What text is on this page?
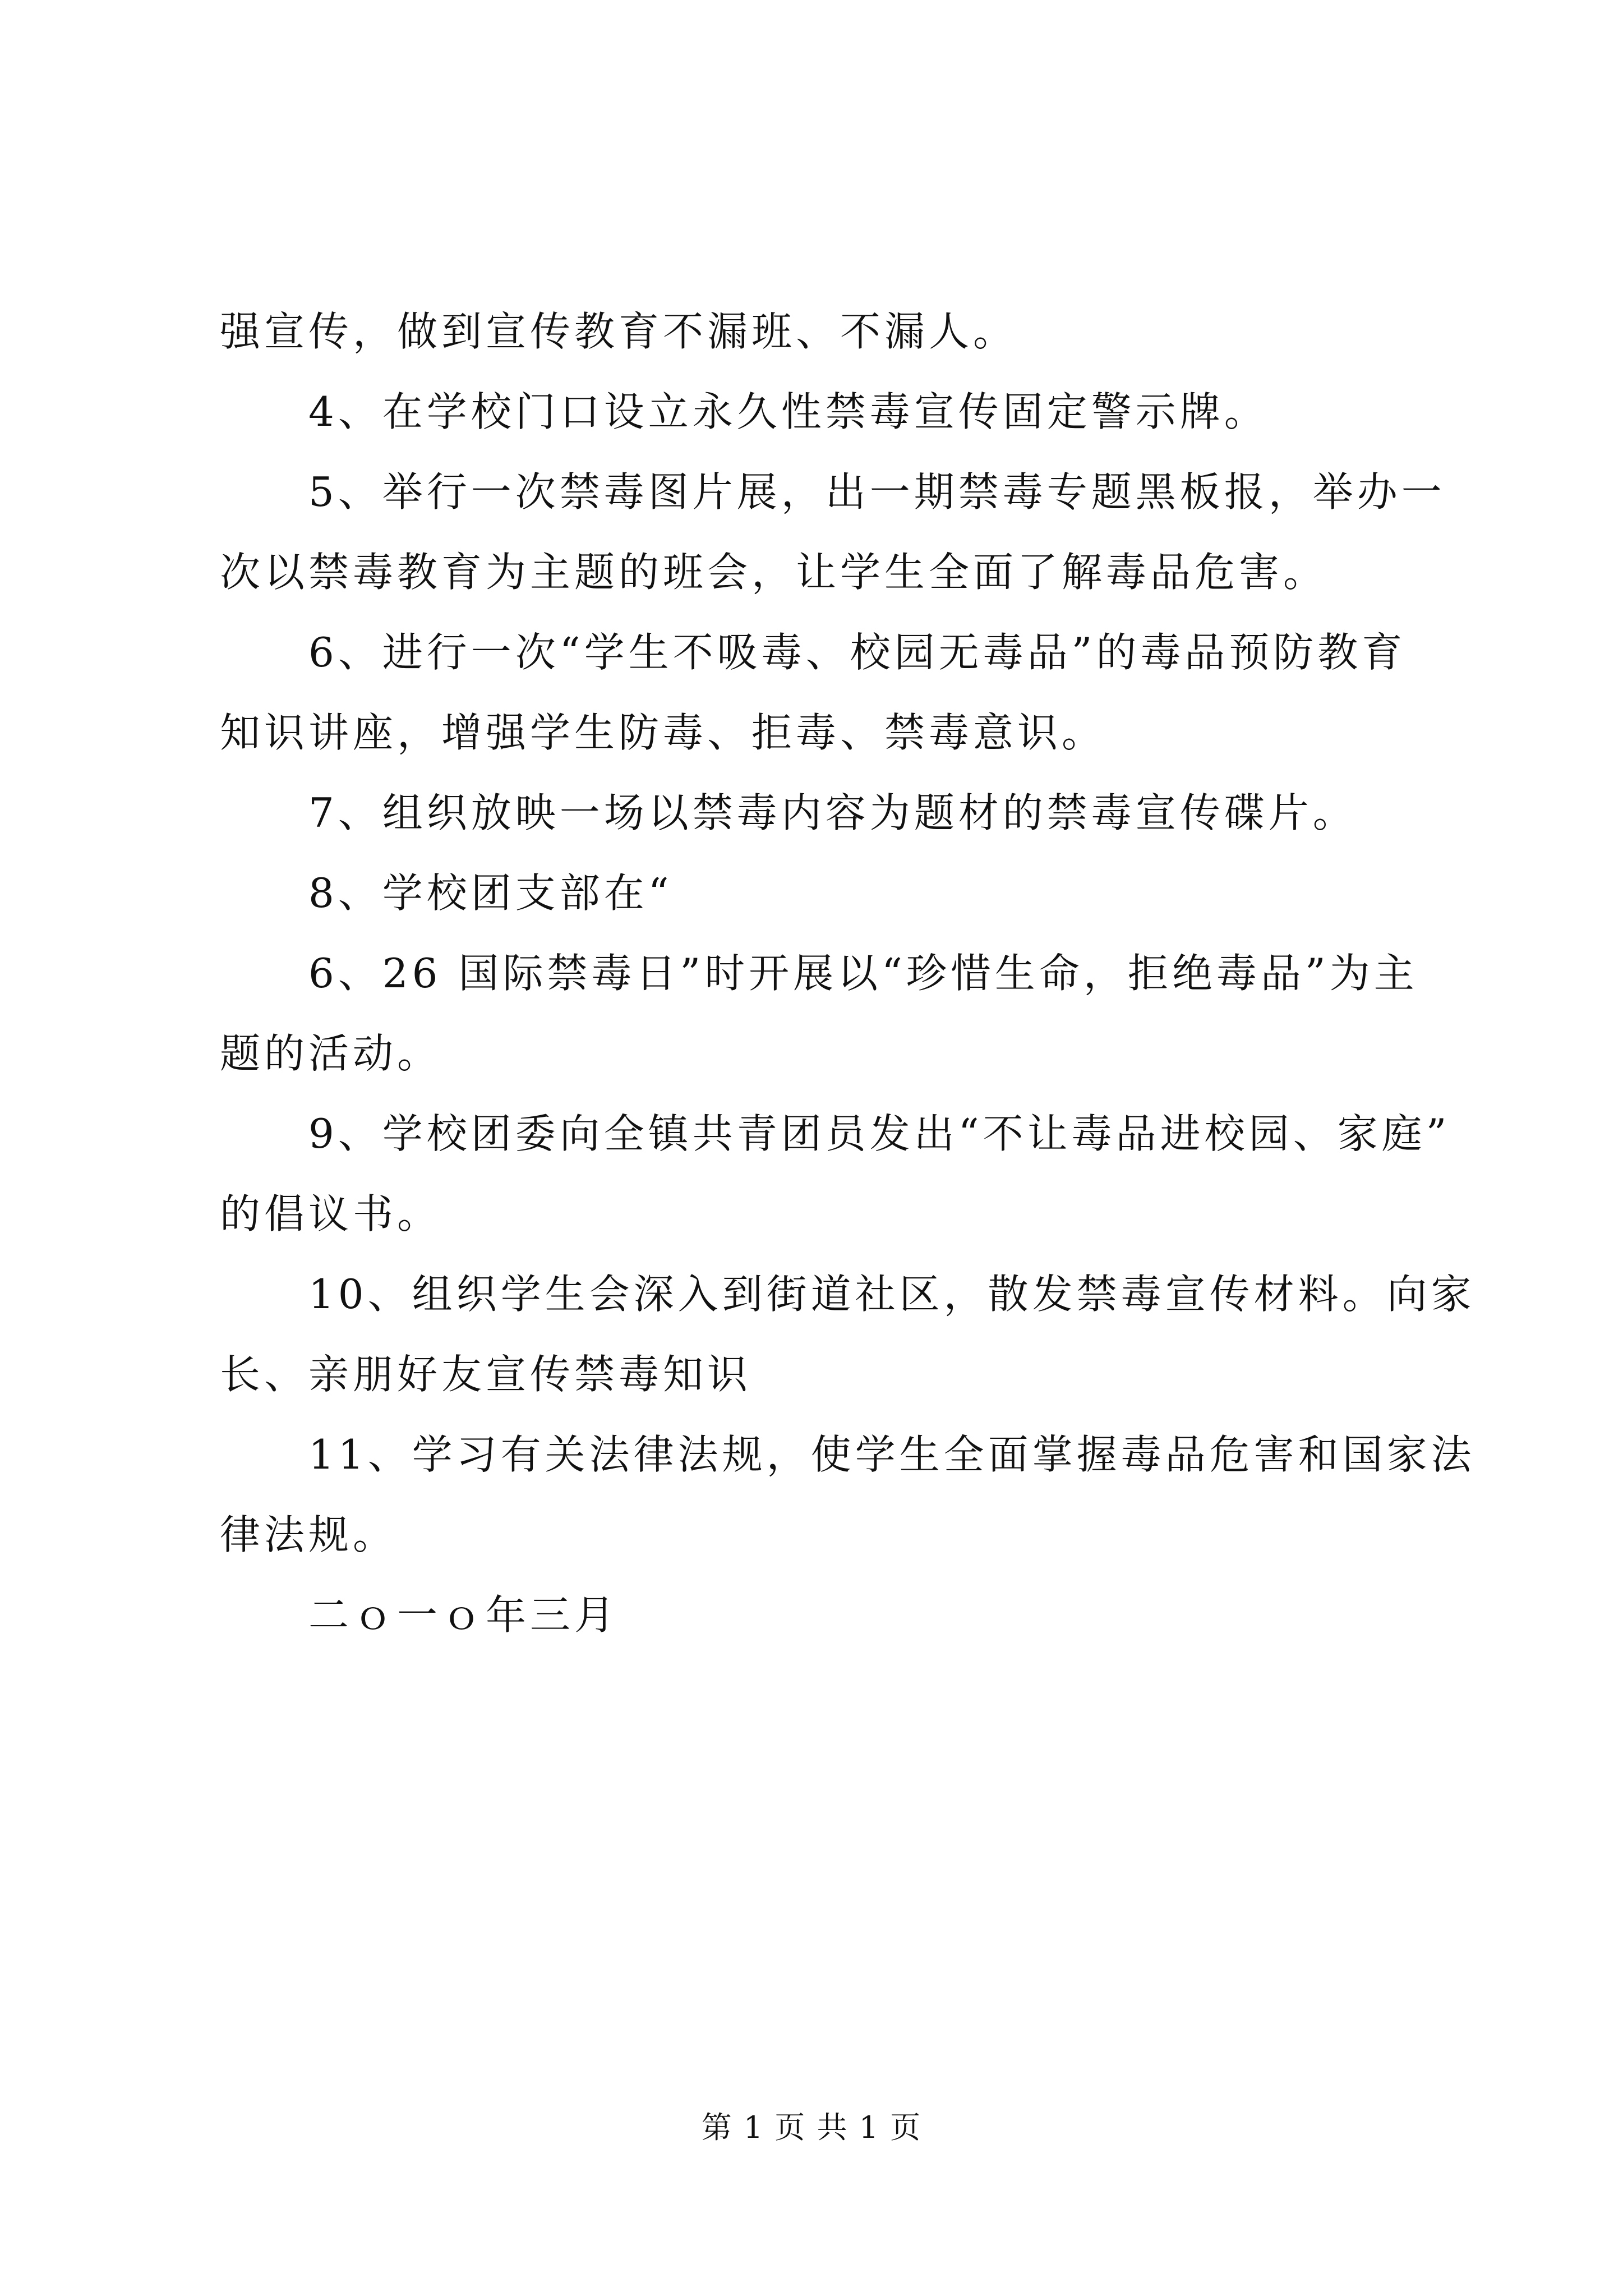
强宣传，做到宣传教育不漏班、不漏人。

4、在学校门口设立永久性禁毒宣传固定警示牌。

5、举行一次禁毒图片展，出一期禁毒专题黑板报，举办一

次以禁毒教育为主题的班会，让学生全面了解毒品危害。

6、进行一次“学生不吸毒、校园无毒品”的毒品预防教育

知识讲座，增强学生防毒、拒毒、禁毒意识。

7、组织放映一场以禁毒内容为题材的禁毒宣传碟片。

8、学校团支部在“

6、26 国际禁毒日”时开展以“珍惜生命，拒绝毒品”为主

题的活动。

9、学校团委向全镇共青团员发出“不让毒品进校园、家庭”

的倡议书。

10、组织学生会深入到街道社区，散发禁毒宣传材料。向家

长、亲朋好友宣传禁毒知识

11、学习有关法律法规，使学生全面掌握毒品危害和国家法

律法规。

二ｏ一ｏ年三月

第 1 页 共 1 页
